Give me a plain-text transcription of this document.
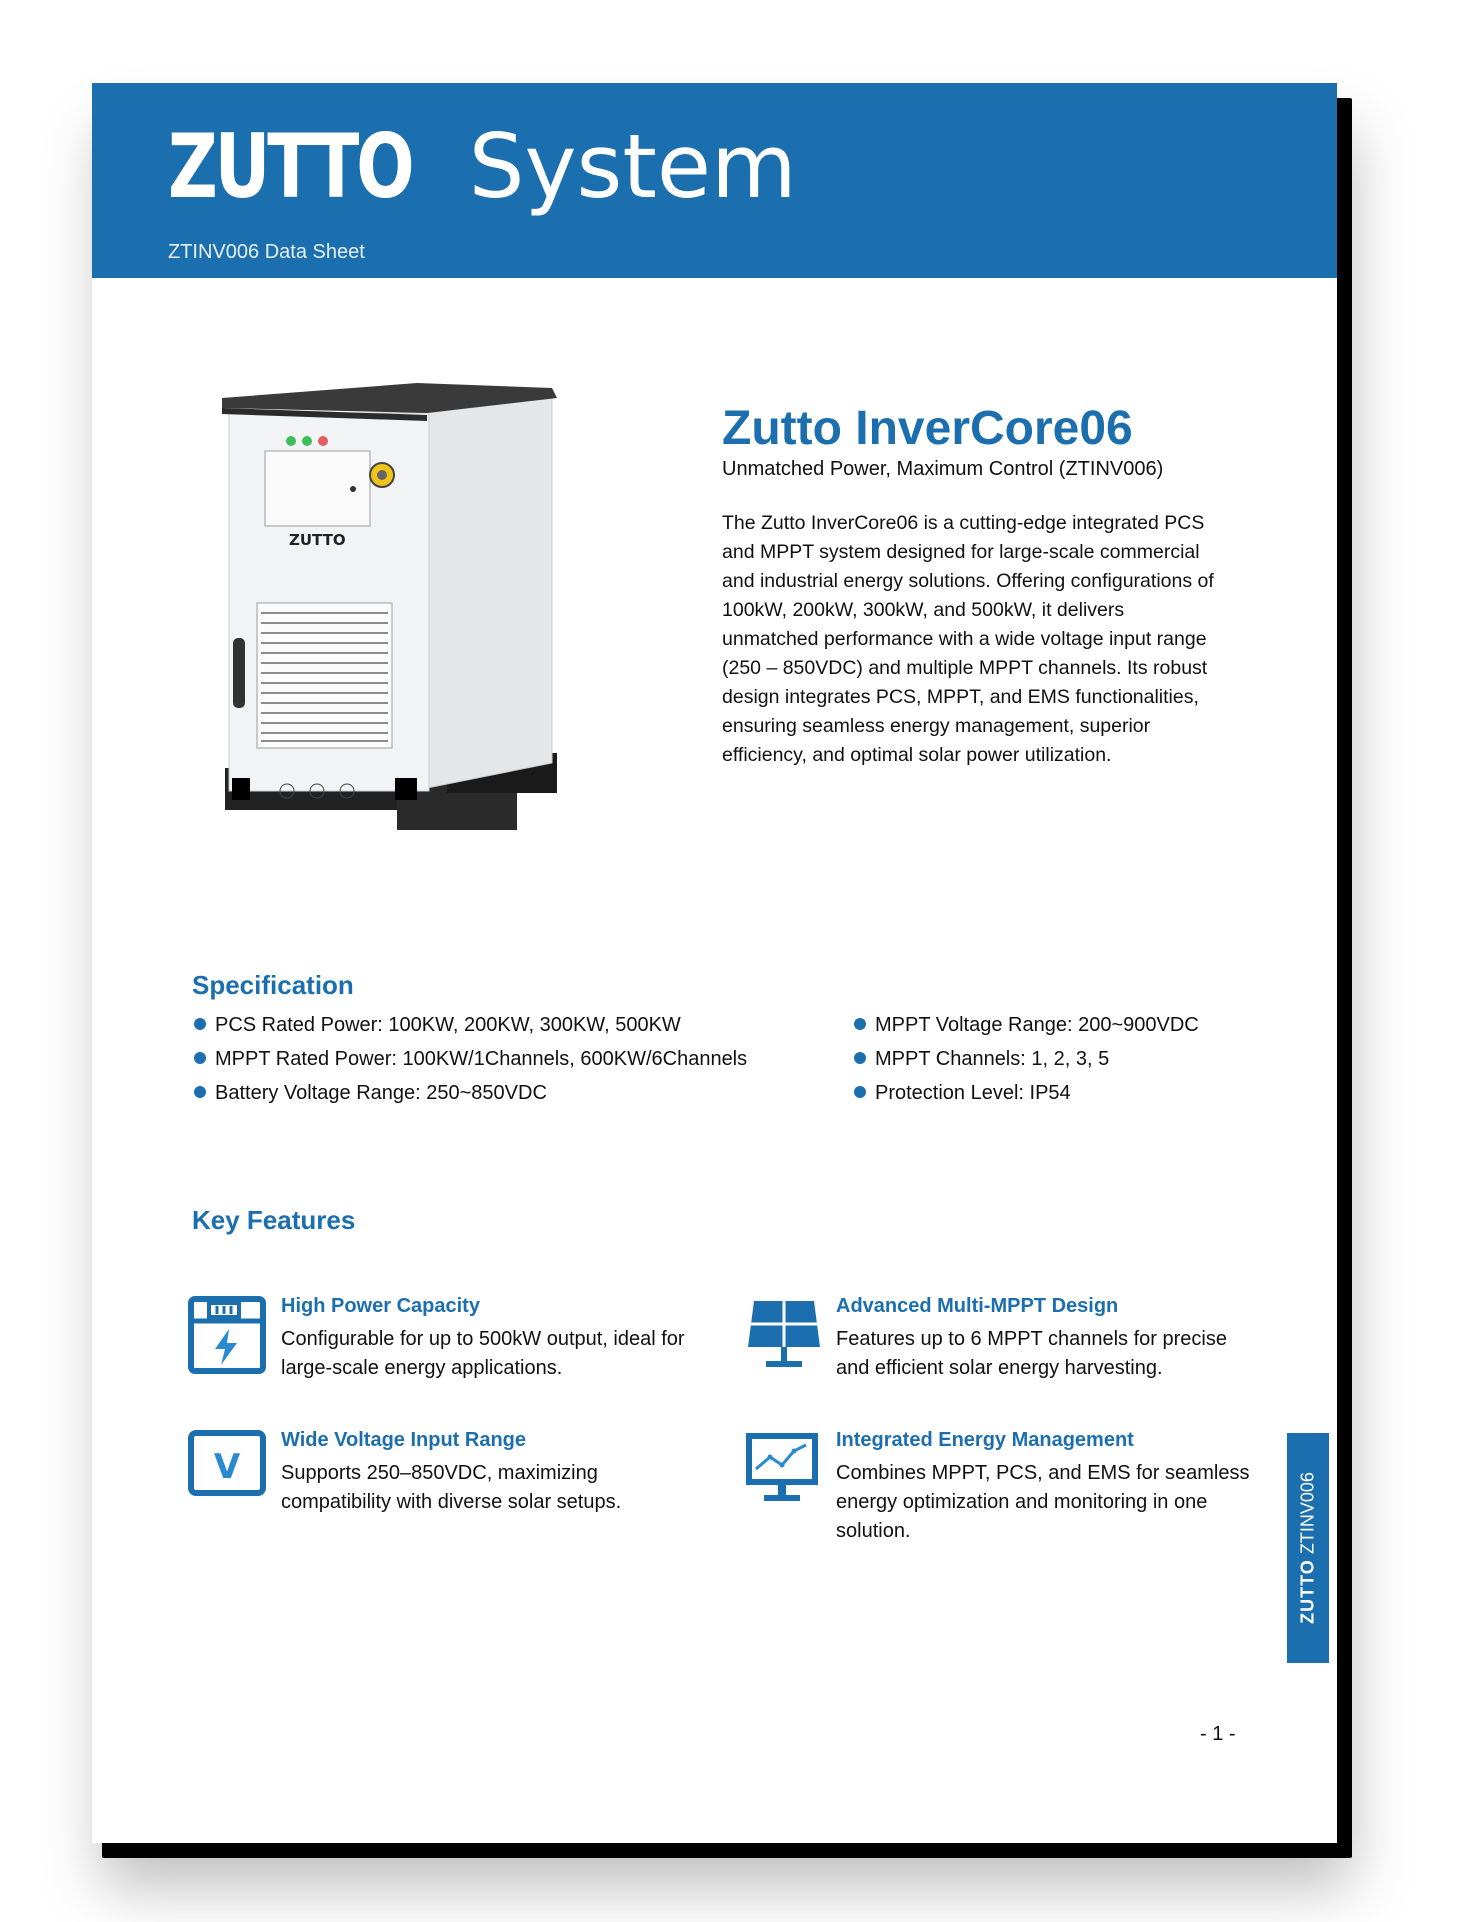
ZUTTO System
ZTINV006 Data Sheet
ZUTTO
Zutto InverCore06
Unmatched Power, Maximum Control (ZTINV006)
The Zutto InverCore06 is a cutting-edge integrated PCS and MPPT system designed for large-scale commercial and industrial energy solutions. Offering configurations of 100kW, 200kW, 300kW, and 500kW, it delivers unmatched performance with a wide voltage input range (250 – 850VDC) and multiple MPPT channels. Its robust design integrates PCS, MPPT, and EMS functionalities, ensuring seamless energy management, superior efficiency, and optimal solar power utilization.
Specification
PCS Rated Power: 100KW, 200KW, 300KW, 500KW
MPPT Rated Power: 100KW/1Channels, 600KW/6Channels
Battery Voltage Range: 250~850VDC
MPPT Voltage Range: 200~900VDC
MPPT Channels: 1, 2, 3, 5
Protection Level: IP54
Key Features
High Power Capacity
Configurable for up to 500kW output, ideal for large-scale energy applications.
Advanced Multi-MPPT Design
Features up to 6 MPPT channels for precise and efficient solar energy harvesting.
V
Wide Voltage Input Range
Supports 250–850VDC, maximizing compatibility with diverse solar setups.
Integrated Energy Management
Combines MPPT, PCS, and EMS for seamless energy optimization and monitoring in one solution.
ZUTTO ZTINV006
- 1 -
